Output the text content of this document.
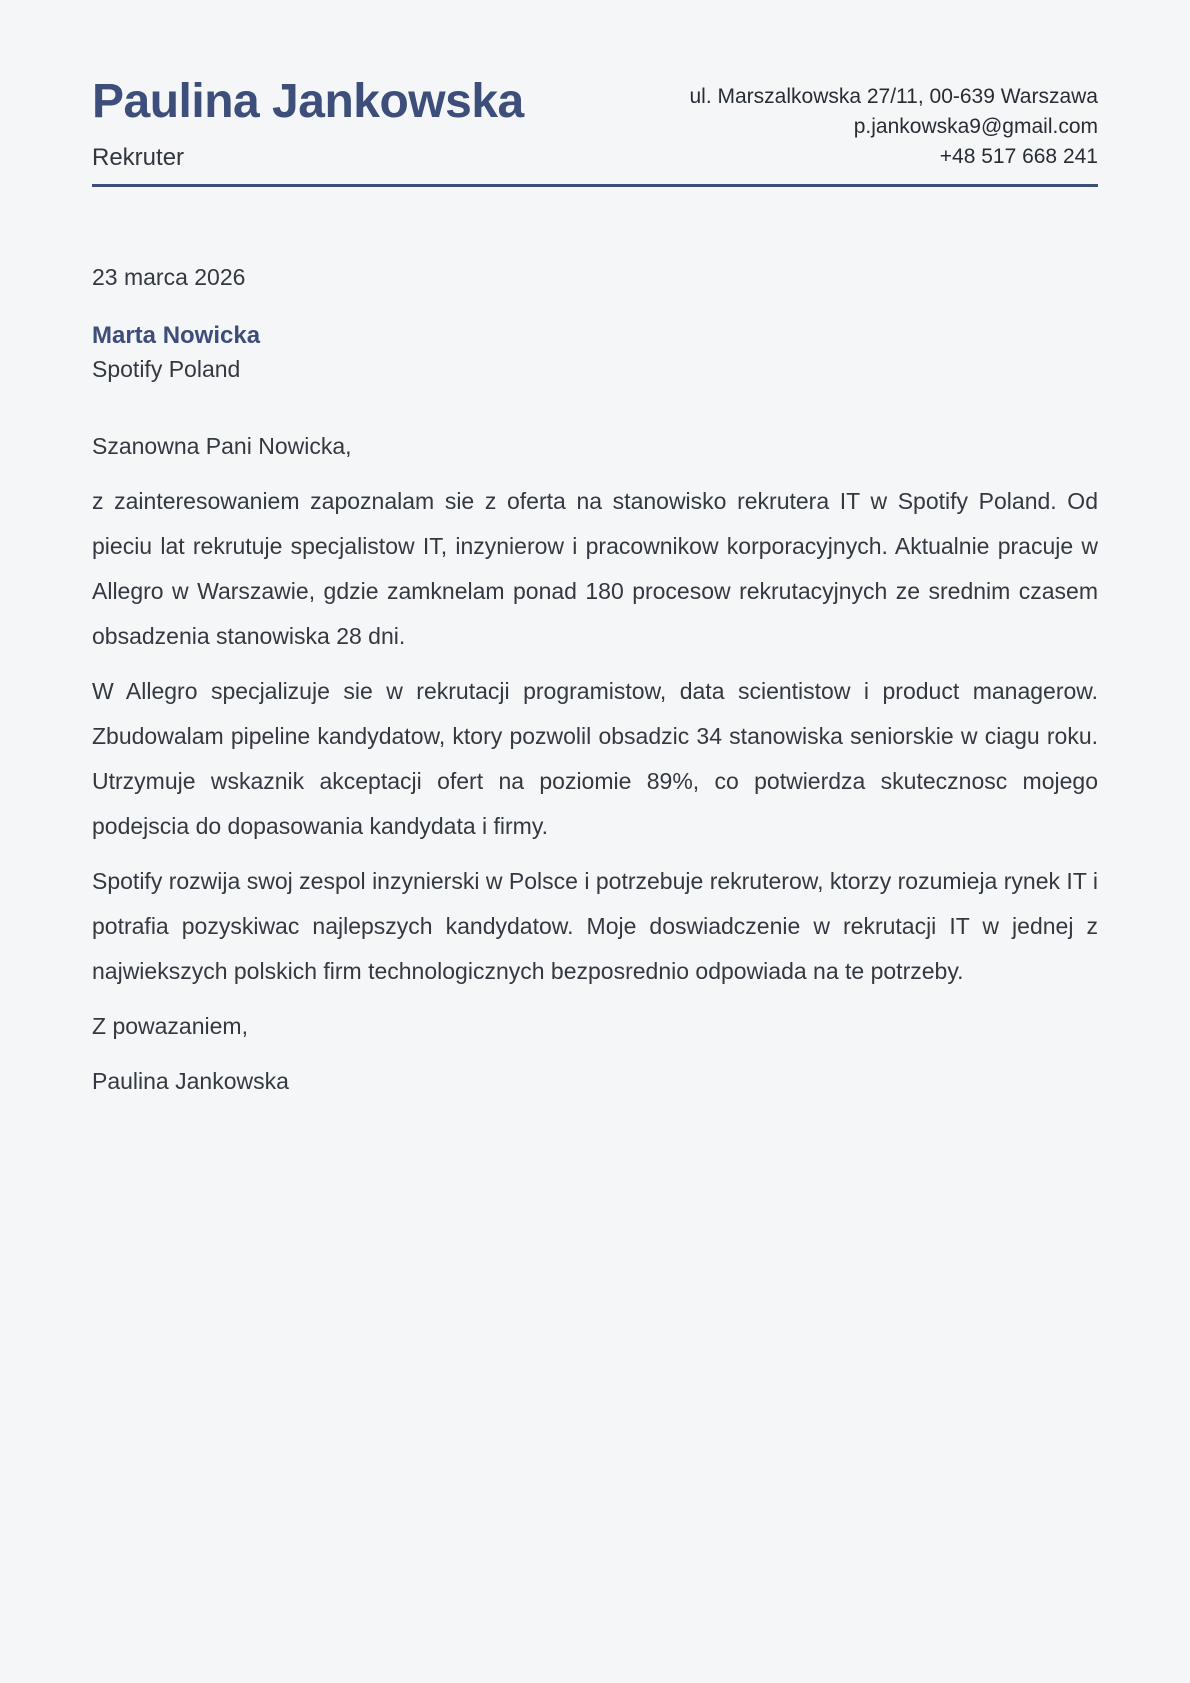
Paulina Jankowska
Rekruter
ul. Marszalkowska 27/11, 00-639 Warszawa
p.jankowska9@gmail.com
+48 517 668 241
23 marca 2026
Marta Nowicka
Spotify Poland

Szanowna Pani Nowicka,

z zainteresowaniem zapoznalam sie z oferta na stanowisko rekrutera IT w Spotify Poland. Od pieciu lat rekrutuje specjalistow IT, inzynierow i pracownikow korporacyjnych. Aktualnie pracuje w Allegro w Warszawie, gdzie zamknelam ponad 180 procesow rekrutacyjnych ze srednim czasem obsadzenia stanowiska 28 dni.

W Allegro specjalizuje sie w rekrutacji programistow, data scientistow i product managerow. Zbudowalam pipeline kandydatow, ktory pozwolil obsadzic 34 stanowiska seniorskie w ciagu roku. Utrzymuje wskaznik akceptacji ofert na poziomie 89%, co potwierdza skutecznosc mojego podejscia do dopasowania kandydata i firmy.

Spotify rozwija swoj zespol inzynierski w Polsce i potrzebuje rekruterow, ktorzy rozumieja rynek IT i potrafia pozyskiwac najlepszych kandydatow. Moje doswiadczenie w rekrutacji IT w jednej z najwiekszych polskich firm technologicznych bezposrednio odpowiada na te potrzeby.

Z powazaniem,

Paulina Jankowska
